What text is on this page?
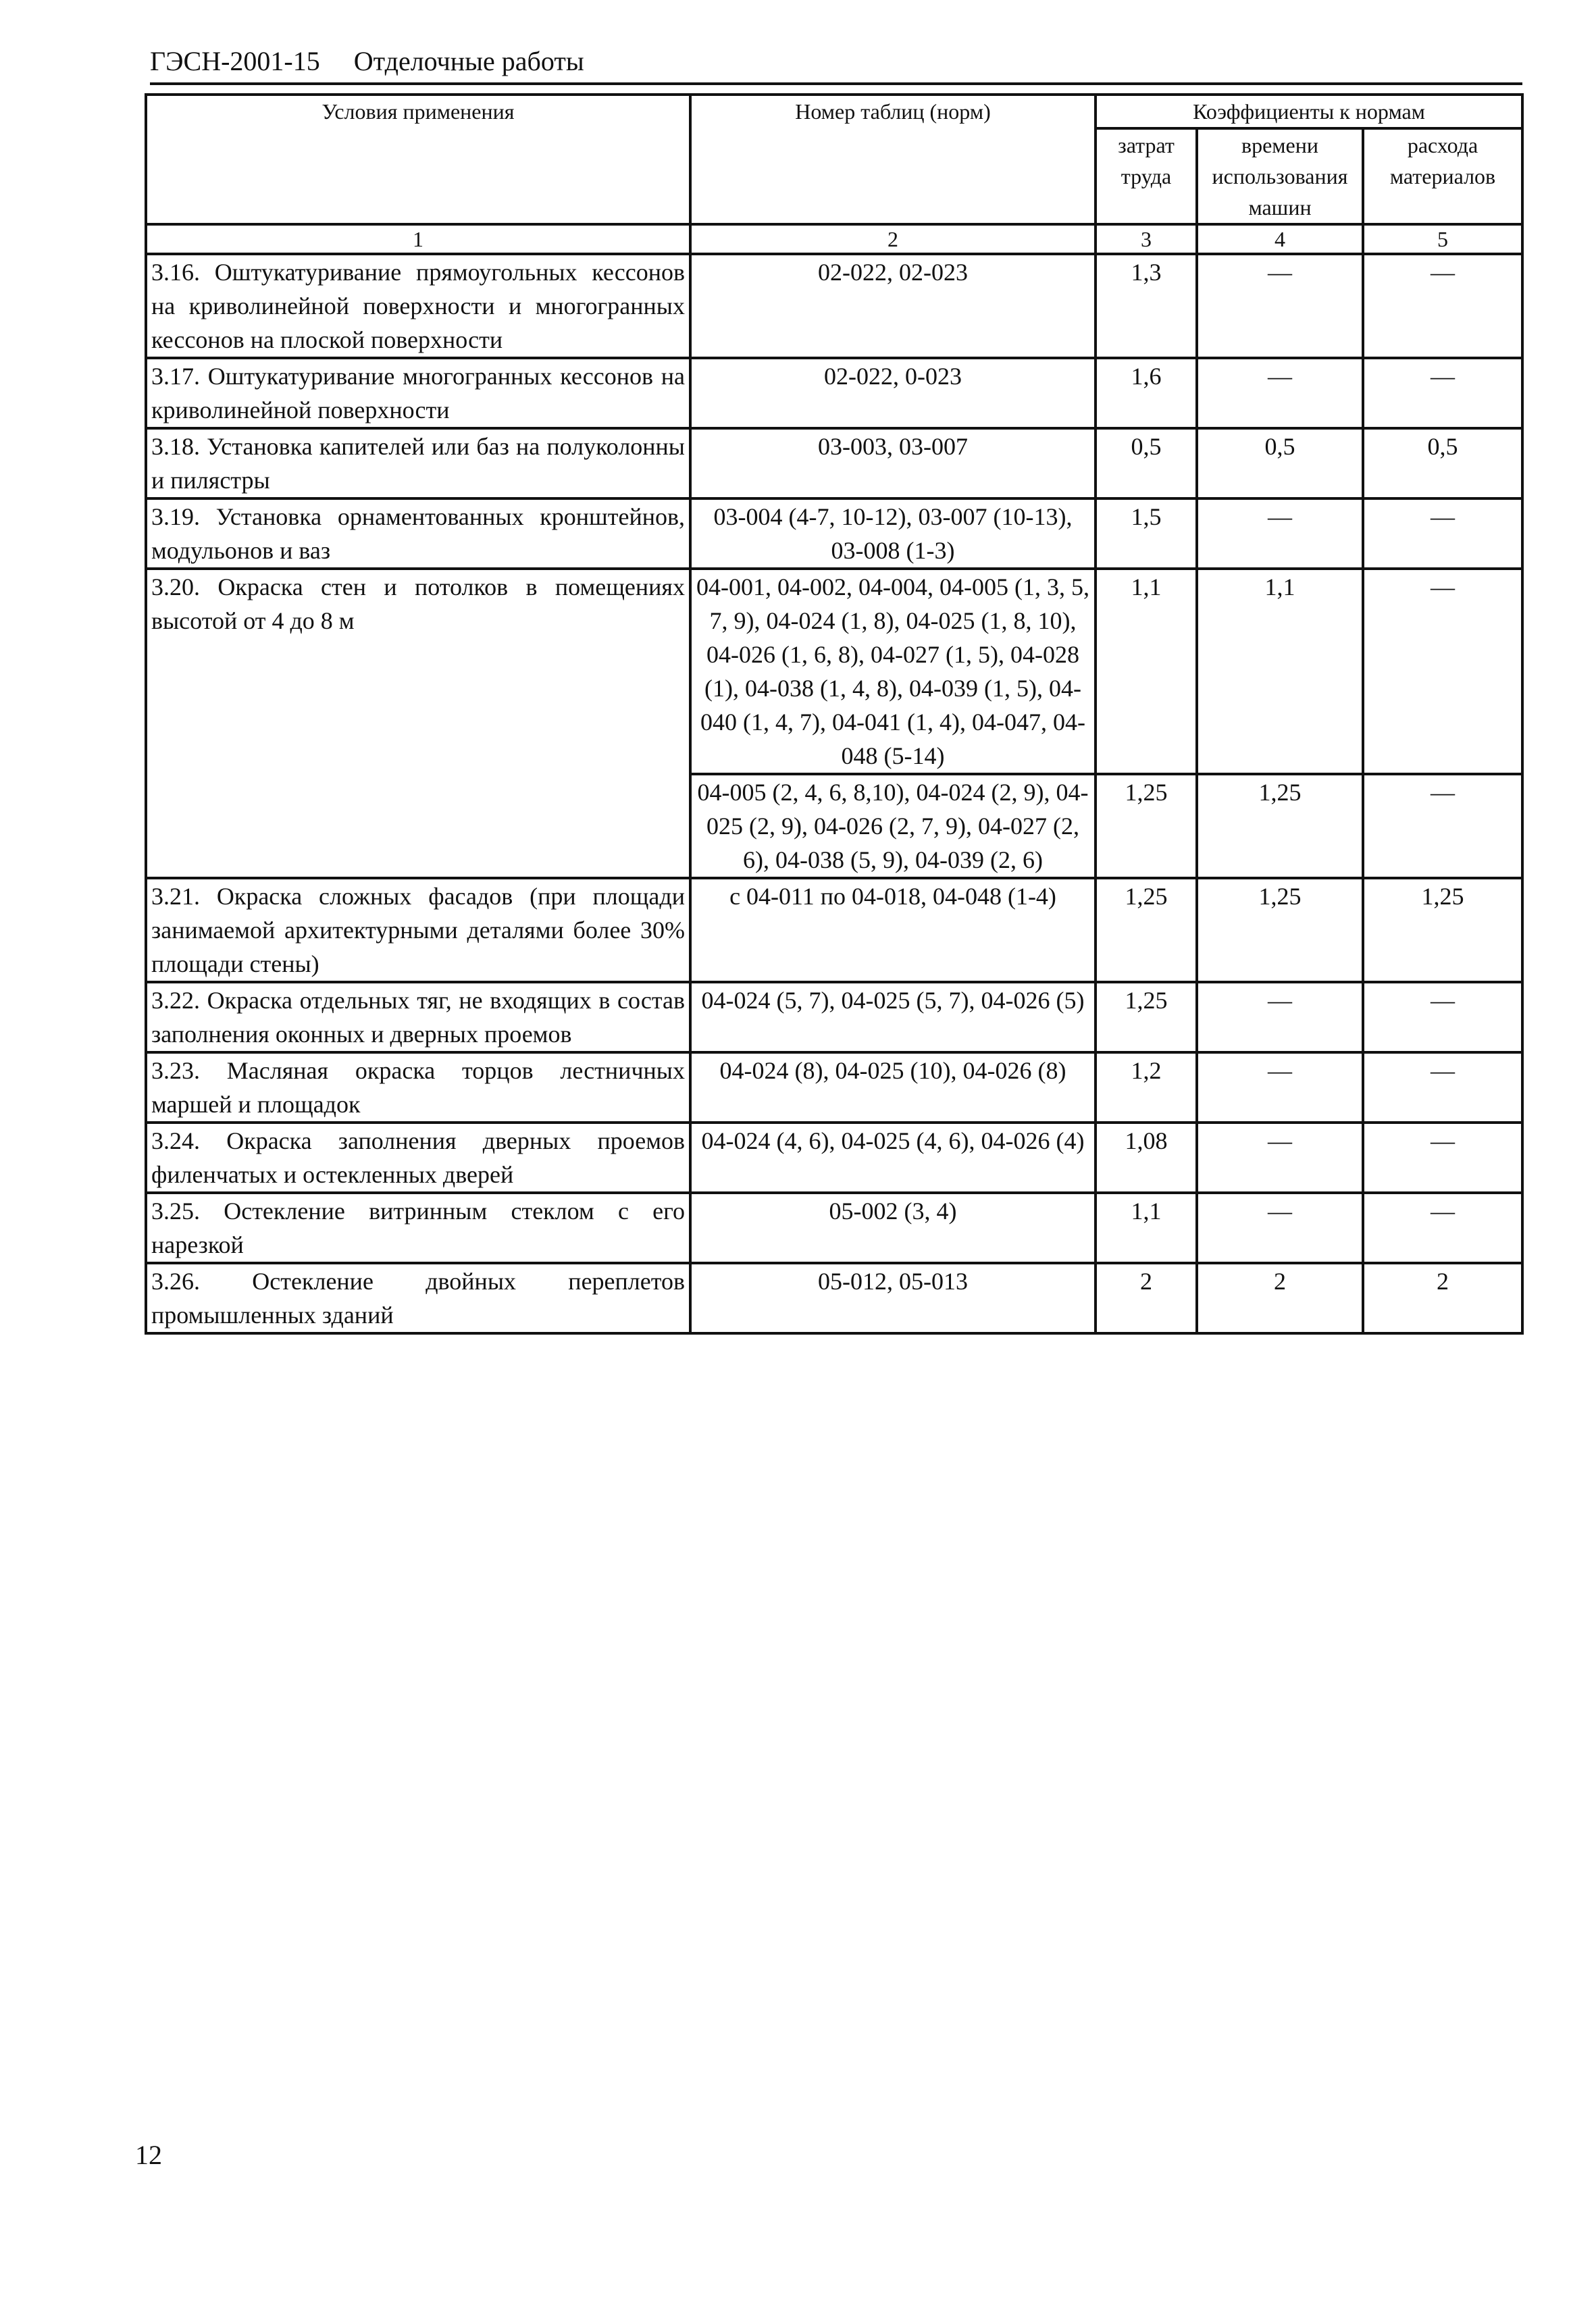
ГЭСН-2001-15 Отделочные работы
Условия применения	Номер таблиц (норм)	Коэффициенты к нормам		
		затрат труда	времени использования машин	расхода материалов
1	2	3	4	5
3.16. Оштукатуривание прямоугольных кессонов на криволинейной поверхности и многогранных кессонов на плоской поверхности	02-022, 02-023	1,3	—	—
3.17. Оштукатуривание многогранных кессонов на криволинейной поверхности	02-022, 0-023	1,6	—	—
3.18. Установка капителей или баз на полуколонны и пилястры	03-003, 03-007	0,5	0,5	0,5
3.19. Установка орнаментованных кронштейнов, модульонов и ваз	03-004 (4-7, 10-12), 03-007 (10-13), 03-008 (1-3)	1,5	—	—
3.20. Окраска стен и потолков в помещениях высотой от 4 до 8 м	04-001, 04-002, 04-004, 04-005 (1, 3, 5, 7, 9), 04-024 (1, 8), 04-025 (1, 8, 10), 04-026 (1, 6, 8), 04-027 (1, 5), 04-028 (1), 04-038 (1, 4, 8), 04-039 (1, 5), 04-040 (1, 4, 7), 04-041 (1, 4), 04-047, 04-048 (5-14)	1,1	1,1	—
	04-005 (2, 4, 6, 8,10), 04-024 (2, 9), 04-025 (2, 9), 04-026 (2, 7, 9), 04-027 (2, 6), 04-038 (5, 9), 04-039 (2, 6)	1,25	1,25	—
3.21. Окраска сложных фасадов (при площади занимаемой архитектурными деталями более 30% площади стены)	с 04-011 по 04-018, 04-048 (1-4)	1,25	1,25	1,25
3.22. Окраска отдельных тяг, не входящих в состав заполнения оконных и дверных проемов	04-024 (5, 7), 04-025 (5, 7), 04-026 (5)	1,25	—	—
3.23. Масляная окраска торцов лестничных маршей и площадок	04-024 (8), 04-025 (10), 04-026 (8)	1,2	—	—
3.24. Окраска заполнения дверных проемов филенчатых и остекленных дверей	04-024 (4, 6), 04-025 (4, 6), 04-026 (4)	1,08	—	—
3.25. Остекление витринным стеклом с его нарезкой	05-002 (3, 4)	1,1	—	—
3.26. Остекление двойных переплетов промышленных зданий	05-012, 05-013	2	2	2
12
